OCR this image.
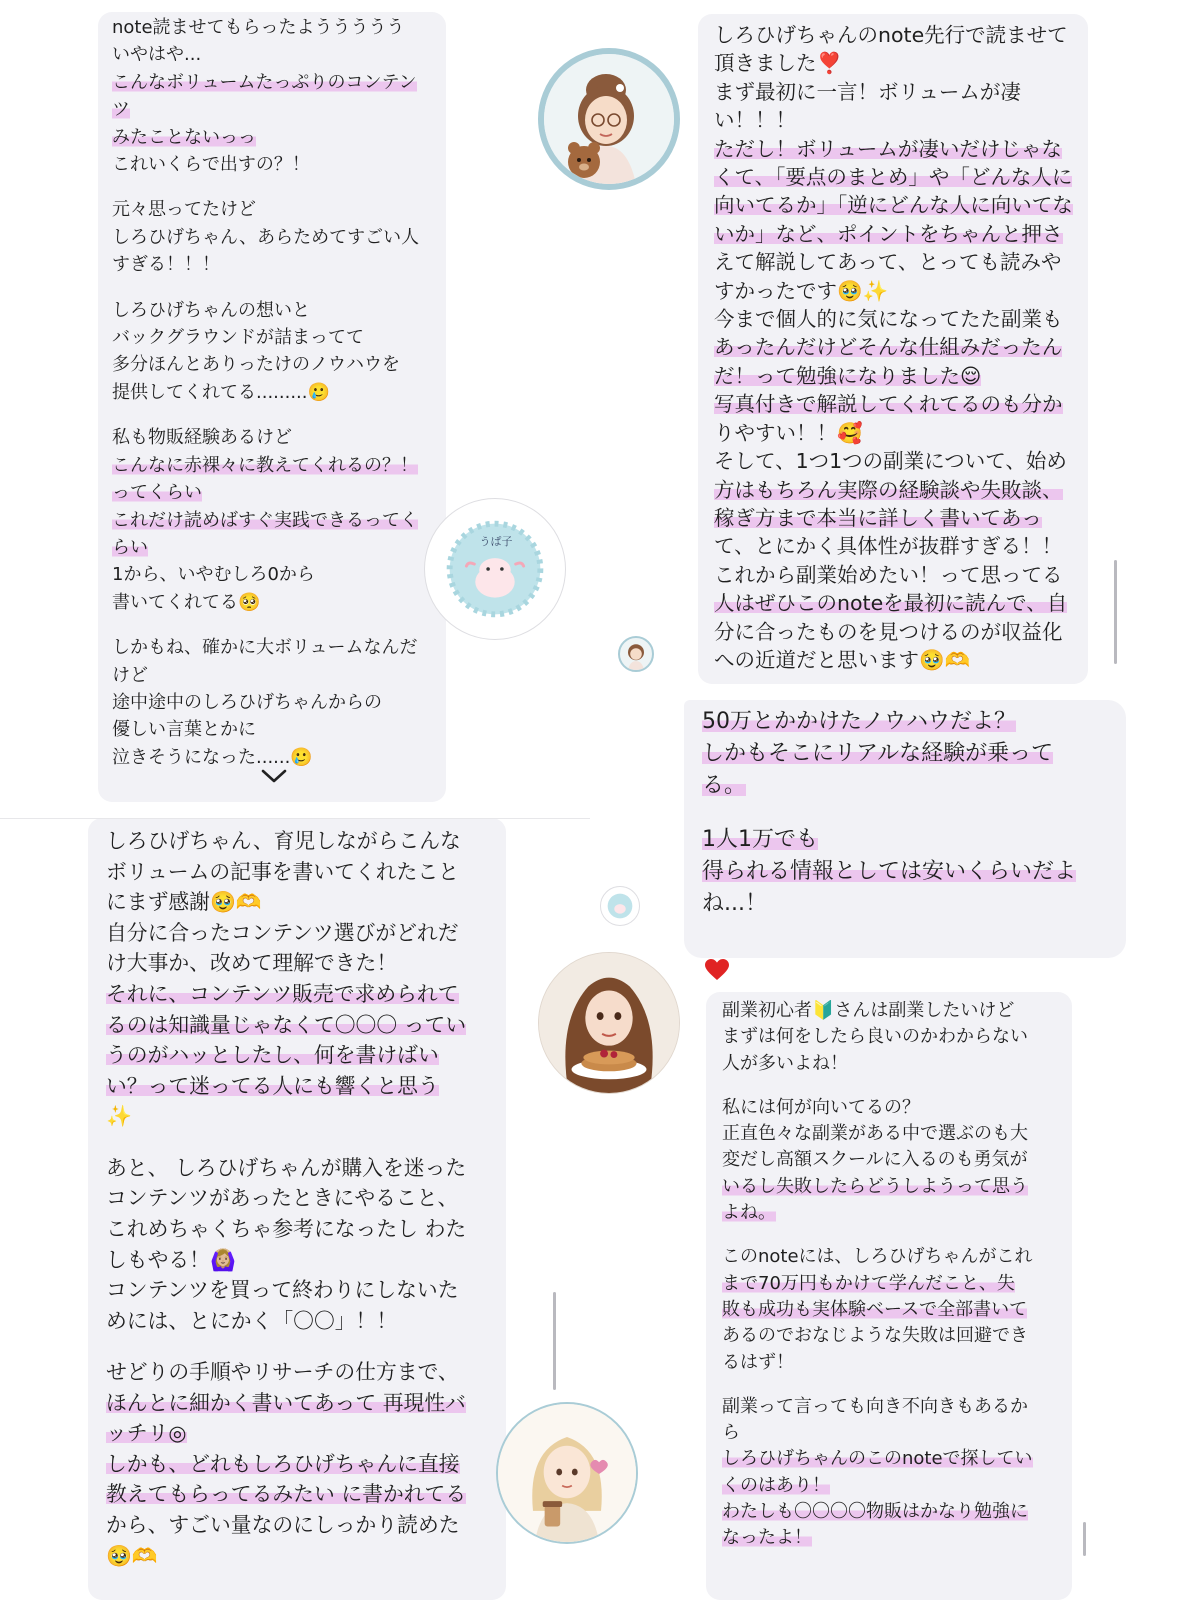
note読ませてもらったよううううう
いやはや...
こんなボリュームたっぷりのコンテン
ツ
みたことないっっ
これいくらで出すの？！

元々思ってたけど
しろひげちゃん、あらためてすごい人
すぎる！！！

しろひげちゃんの想いと
バックグラウンドが詰まってて
多分ほんとありったけのノウハウを
提供してくれてる.........🥲

私も物販経験あるけど
こんなに赤裸々に教えてくれるの？！
ってくらい
これだけ読めばすぐ実践できるってく
らい
1から、いやむしろ0から
書いてくれてる🥺

しかもね、確かに大ボリュームなんだ
けど
途中途中のしろひげちゃんからの
優しい言葉とかに
泣きそうになった......🥲
しろひげちゃんのnote先行で読ませて
頂きました❣️
まず最初に一言！ボリュームが凄
い！！！
ただし！ボリュームが凄いだけじゃな
くて、「要点のまとめ」や「どんな人に
向いてるか」「逆にどんな人に向いてな
いか」など、ポイントをちゃんと押さ
えて解説してあって、とっても読みや
すかったです🥹✨
今まで個人的に気になってたた副業も
あったんだけどそんな仕組みだったん
だ！って勉強になりました😌
写真付きで解説してくれてるのも分か
りやすい！！🥰
そして、1つ1つの副業について、始め
方はもちろん実際の経験談や失敗談、
稼ぎ方まで本当に詳しく書いてあっ
て、とにかく具体性が抜群すぎる！！
これから副業始めたい！って思ってる
人はぜひこのnoteを最初に読んで、自
分に合ったものを見つけるのが収益化
への近道だと思います🥹🫶
50万とかかけたノウハウだよ？
しかもそこにリアルな経験が乗って
る。

1人1万でも
得られる情報としては安いくらいだよ
ね...！
しろひげちゃん、育児しながらこんな
ボリュームの記事を書いてくれたこと
にまず感謝🥹🫶
自分に合ったコンテンツ選びがどれだ
け大事か、改めて理解できた！
それに、コンテンツ販売で求められて
るのは知識量じゃなくて〇〇〇 ってい
うのがハッとしたし、何を書けばい
い？って迷ってる人にも響くと思う
✨

あと、 しろひげちゃんが購入を迷った
コンテンツがあったときにやること、
これめちゃくちゃ参考になったし わた
しもやる！🙆🏼‍♀️
コンテンツを買って終わりにしないた
めには、とにかく「〇〇」！！

せどりの手順やリサーチの仕方まで、
ほんとに細かく書いてあって 再現性バ
ッチリ◎
しかも、どれもしろひげちゃんに直接
教えてもらってるみたい に書かれてる
から、すごい量なのにしっかり読めた
🥹🫶
副業初心者🔰さんは副業したいけど
まずは何をしたら良いのかわからない
人が多いよね！

私には何が向いてるの？
正直色々な副業がある中で選ぶのも大
変だし高額スクールに入るのも勇気が
いるし失敗したらどうしようって思う
よね。

このnoteには、しろひげちゃんがこれ
まで70万円もかけて学んだこと、失
敗も成功も実体験ベースで全部書いて
あるのでおなじような失敗は回避でき
るはず！

副業って言っても向き不向きもあるか
ら
しろひげちゃんのこのnoteで探してい
くのはあり！
わたしも〇〇〇〇物販はかなり勉強に
なったよ！
うぱ子
